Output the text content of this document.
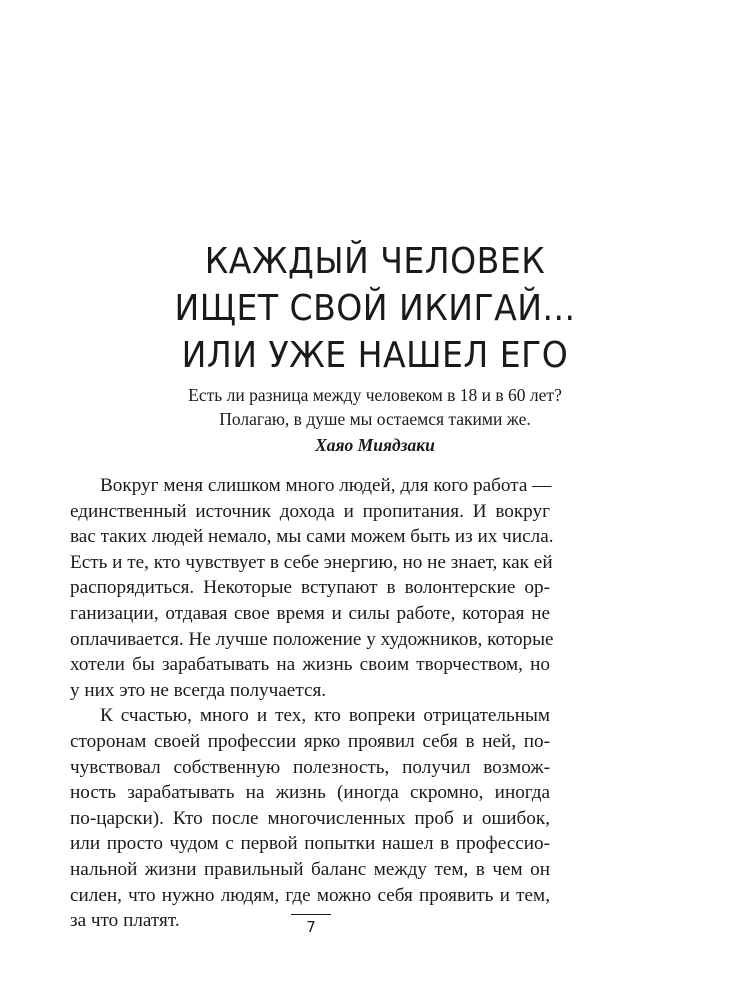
КАЖДЫЙ ЧЕЛОВЕК
ИЩЕТ СВОЙ ИКИГАЙ...
ИЛИ УЖЕ НАШЕЛ ЕГО
Есть ли разница между человеком в 18 и в 60 лет?
Полагаю, в душе мы остаемся такими же.
Хаяо Миядзаки
Вокруг меня слишком много людей, для кого работа —
единственный источник дохода и пропитания. И вокруг
вас таких людей немало, мы сами можем быть из их числа.
Есть и те, кто чувствует в себе энергию, но не знает, как ей
распорядиться. Некоторые вступают в волонтерские ор-
ганизации, отдавая свое время и силы работе, которая не
оплачивается. Не лучше положение у художников, которые
хотели бы зарабатывать на жизнь своим творчеством, но
у них это не всегда получается.
К счастью, много и тех, кто вопреки отрицательным
сторонам своей профессии ярко проявил себя в ней, по-
чувствовал собственную полезность, получил возмож-
ность зарабатывать на жизнь (иногда скромно, иногда
по-царски). Кто после многочисленных проб и ошибок,
или просто чудом с первой попытки нашел в профессио-
нальной жизни правильный баланс между тем, в чем он
силен, что нужно людям, где можно себя проявить и тем,
за что платят.	7
